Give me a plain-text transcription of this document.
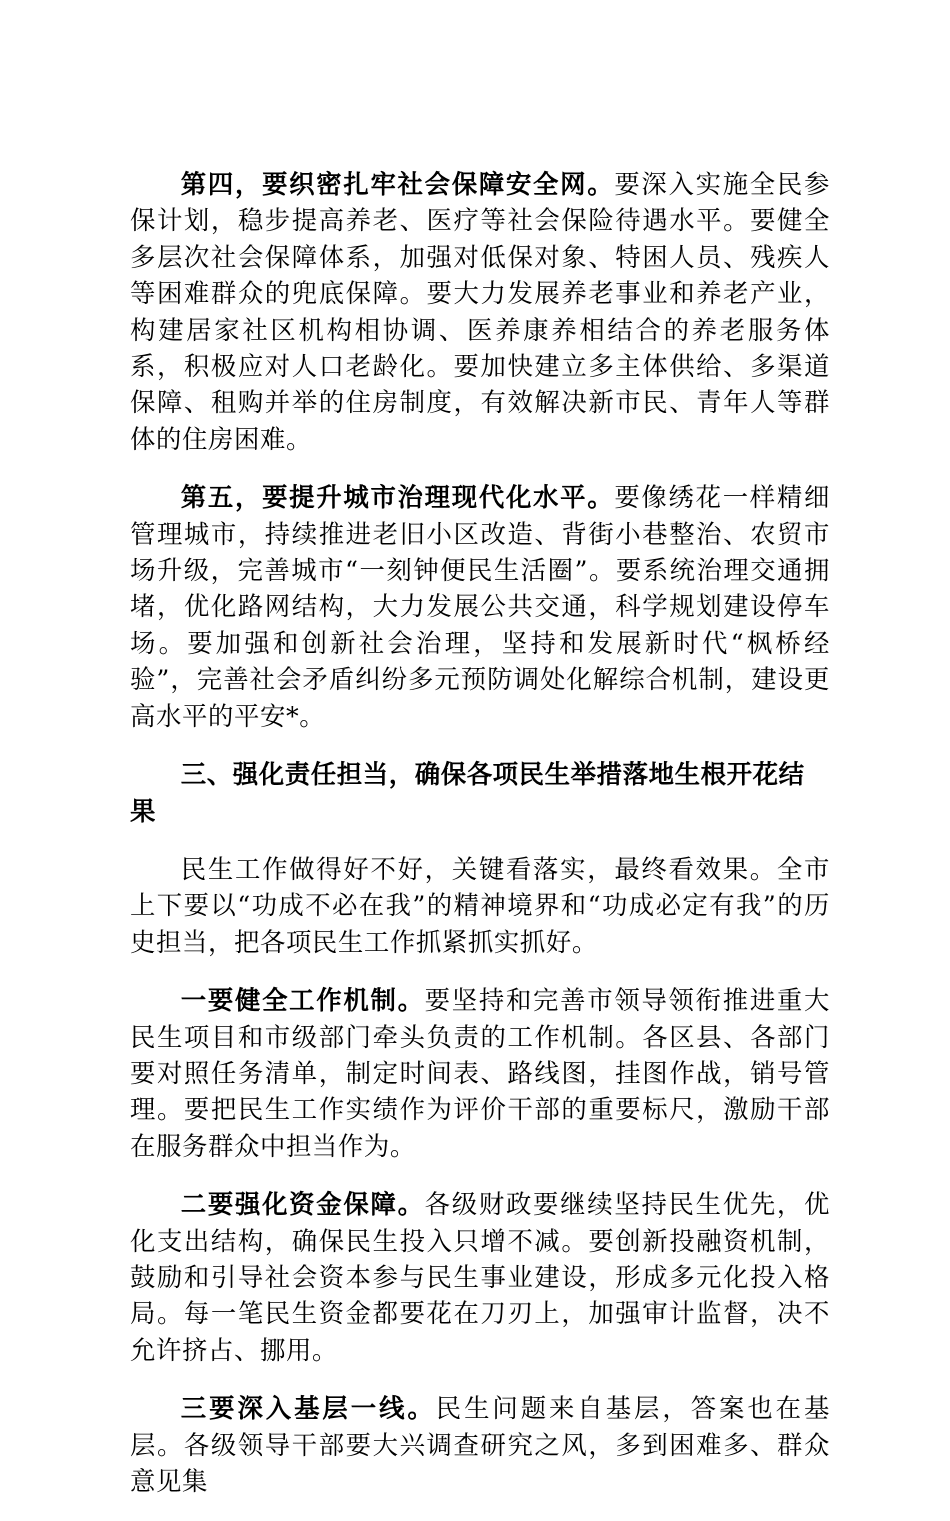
第四，要织密扎牢社会保障安全网。要深入实施全民参保计划，稳步提高养老、医疗等社会保险待遇水平。要健全多层次社会保障体系，加强对低保对象、特困人员、残疾人等困难群众的兜底保障。要大力发展养老事业和养老产业，构建居家社区机构相协调、医养康养相结合的养老服务体系，积极应对人口老龄化。要加快建立多主体供给、多渠道保障、租购并举的住房制度，有效解决新市民、青年人等群体的住房困难。

第五，要提升城市治理现代化水平。要像绣花一样精细管理城市，持续推进老旧小区改造、背街小巷整治、农贸市场升级，完善城市“一刻钟便民生活圈”。要系统治理交通拥堵，优化路网结构，大力发展公共交通，科学规划建设停车场。要加强和创新社会治理，坚持和发展新时代“枫桥经验”，完善社会矛盾纠纷多元预防调处化解综合机制，建设更高水平的平安*。

三、强化责任担当，确保各项民生举措落地生根开花结果

民生工作做得好不好，关键看落实，最终看效果。全市上下要以“功成不必在我”的精神境界和“功成必定有我”的历史担当，把各项民生工作抓紧抓实抓好。

一要健全工作机制。要坚持和完善市领导领衔推进重大民生项目和市级部门牵头负责的工作机制。各区县、各部门要对照任务清单，制定时间表、路线图，挂图作战，销号管理。要把民生工作实绩作为评价干部的重要标尺，激励干部在服务群众中担当作为。

二要强化资金保障。各级财政要继续坚持民生优先，优化支出结构，确保民生投入只增不减。要创新投融资机制，鼓励和引导社会资本参与民生事业建设，形成多元化投入格局。每一笔民生资金都要花在刀刃上，加强审计监督，决不允许挤占、挪用。

三要深入基层一线。民生问题来自基层，答案也在基层。各级领导干部要大兴调查研究之风，多到困难多、群众意见集
